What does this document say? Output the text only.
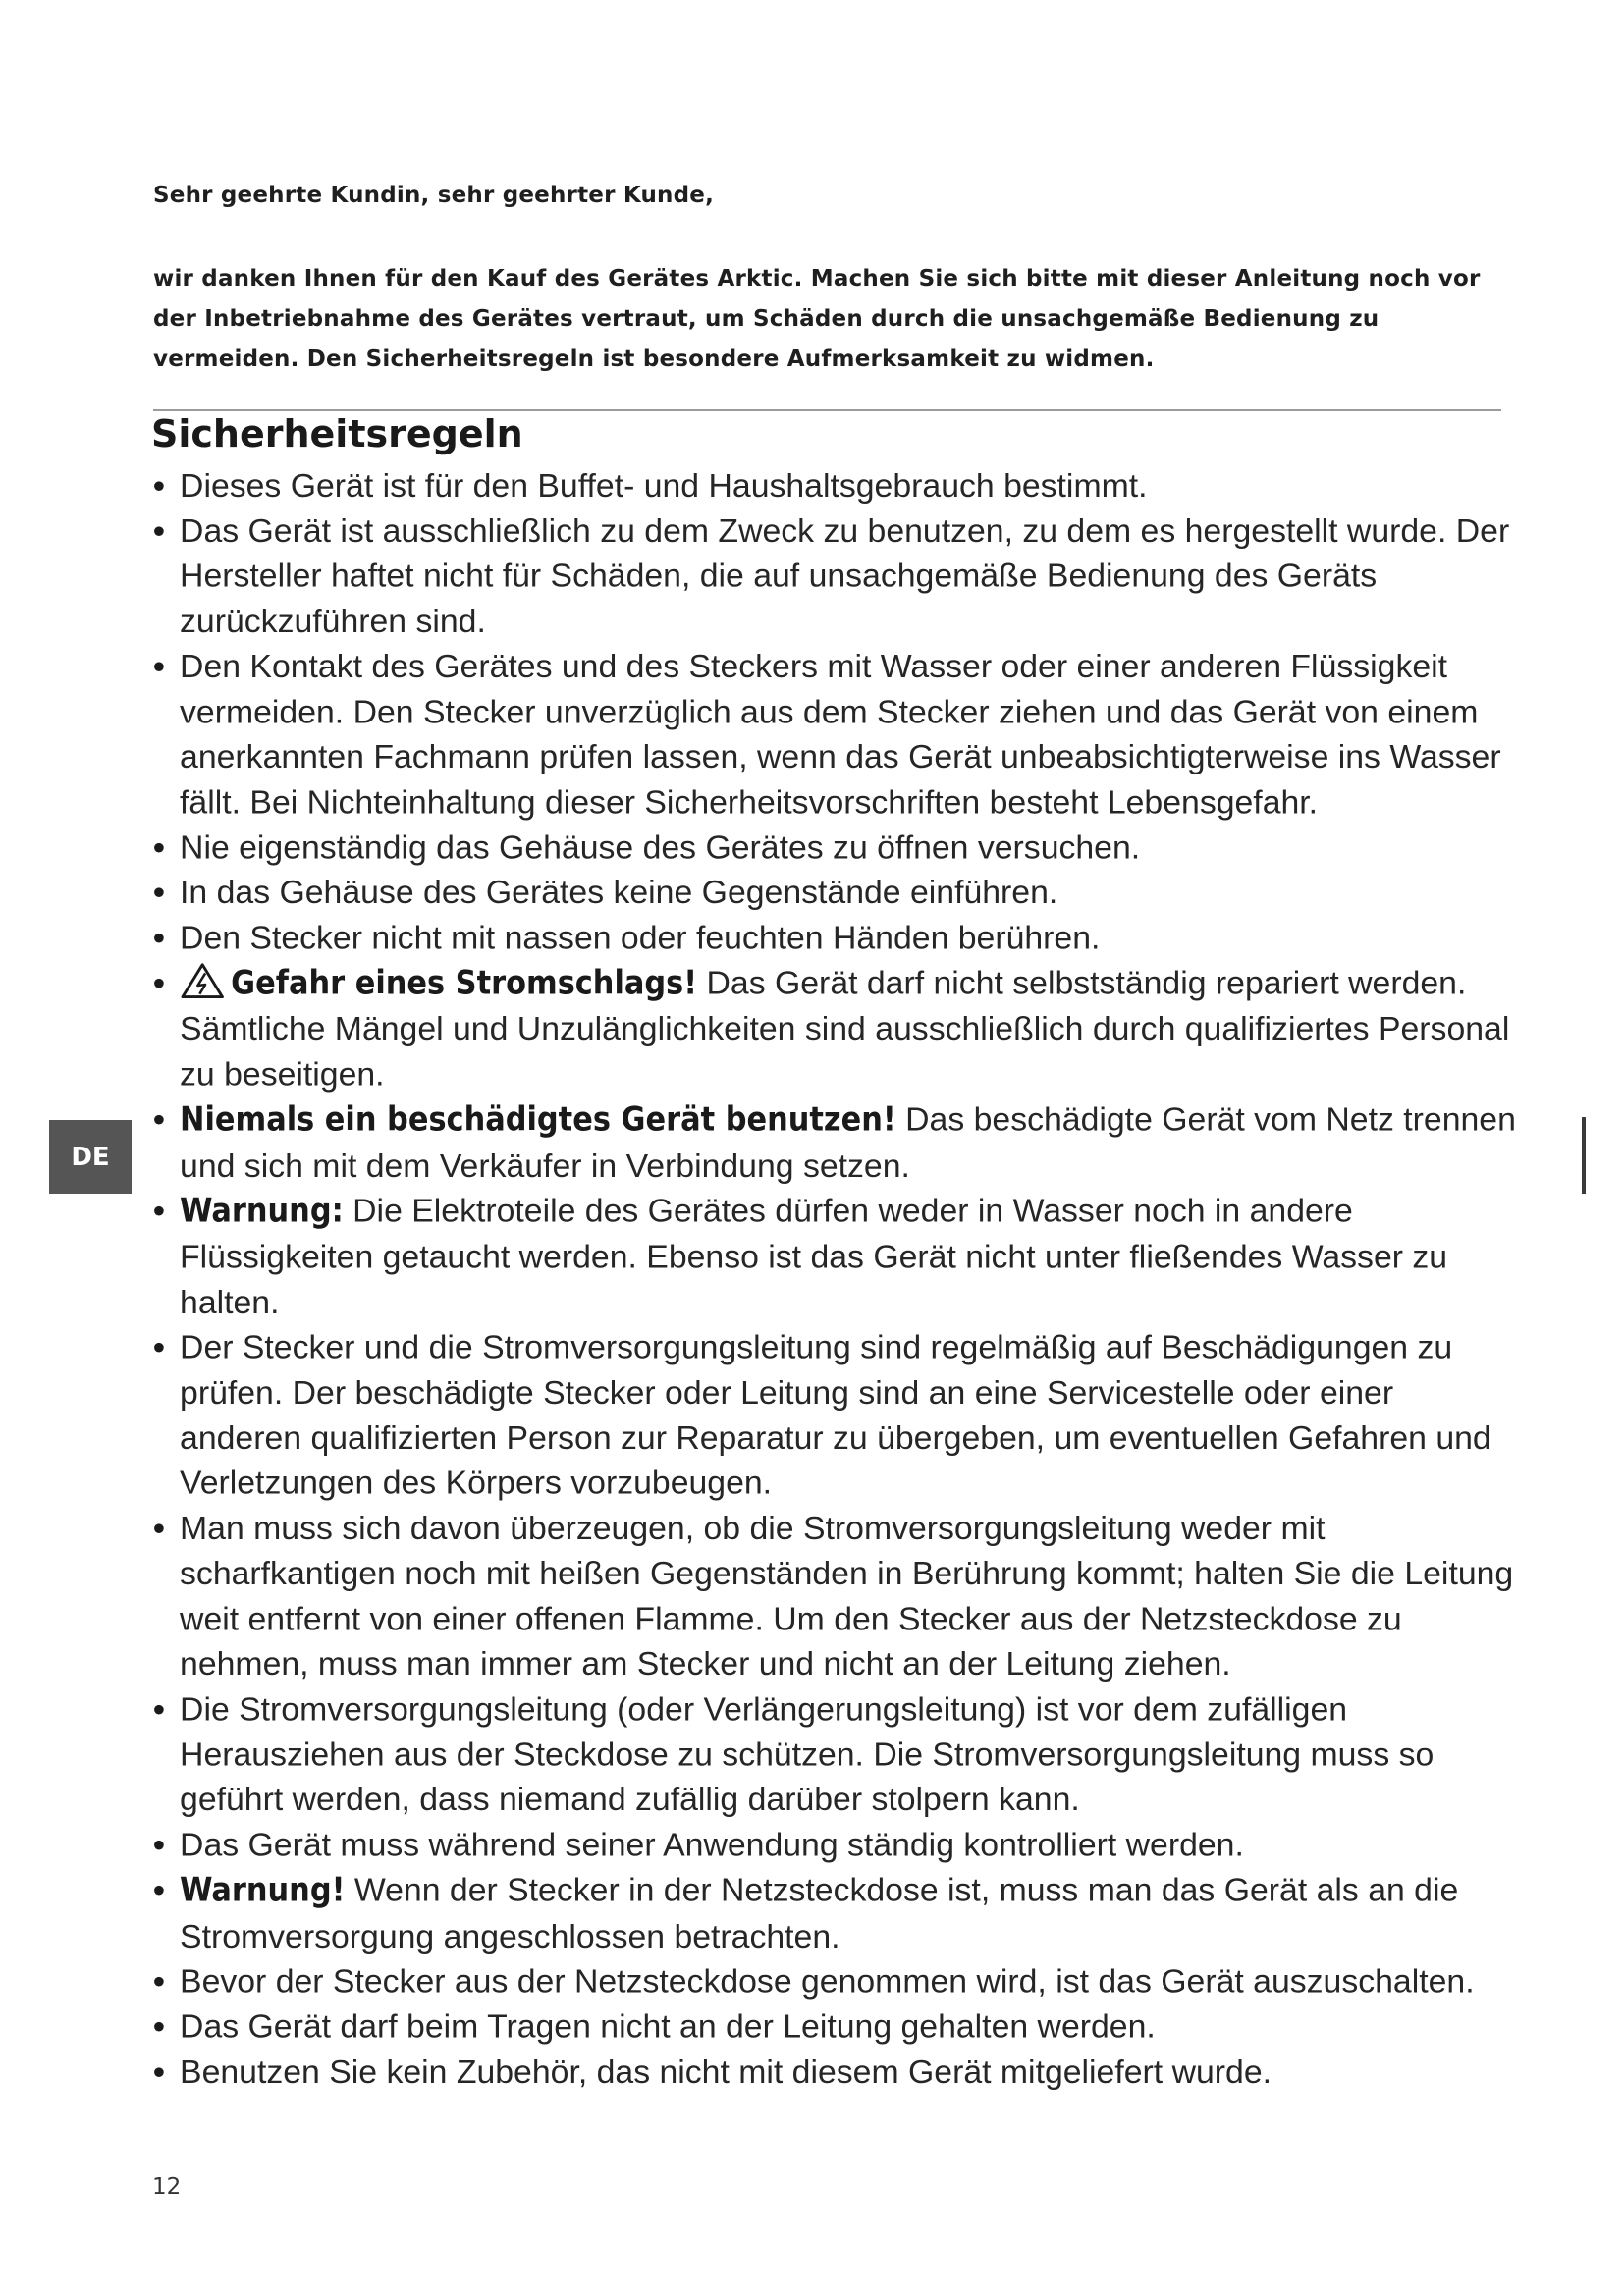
Sehr geehrte Kundin, sehr geehrter Kunde,

wir danken Ihnen für den Kauf des Gerätes Arktic. Machen Sie sich bitte mit dieser Anleitung noch vor der Inbetriebnahme des Gerätes vertraut, um Schäden durch die unsachgemäße Bedienung zu vermeiden. Den Sicherheitsregeln ist besondere Aufmerksamkeit zu widmen.

Sicherheitsregeln
• Dieses Gerät ist für den Buffet- und Haushaltsgebrauch bestimmt.
• Das Gerät ist ausschließlich zu dem Zweck zu benutzen, zu dem es hergestellt wurde. Der Hersteller haftet nicht für Schäden, die auf unsachgemäße Bedienung des Geräts zurückzuführen sind.
• Den Kontakt des Gerätes und des Steckers mit Wasser oder einer anderen Flüssigkeit vermeiden. Den Stecker unverzüglich aus dem Stecker ziehen und das Gerät von einem anerkannten Fachmann prüfen lassen, wenn das Gerät unbeabsichtigterweise ins Wasser fällt. Bei Nichteinhaltung dieser Sicherheitsvorschriften besteht Lebensgefahr.
• Nie eigenständig das Gehäuse des Gerätes zu öffnen versuchen.
• In das Gehäuse des Gerätes keine Gegenstände einführen.
• Den Stecker nicht mit nassen oder feuchten Händen berühren.
• Gefahr eines Stromschlags! Das Gerät darf nicht selbstständig repariert werden. Sämtliche Mängel und Unzulänglichkeiten sind ausschließlich durch qualifiziertes Personal zu beseitigen.
• Niemals ein beschädigtes Gerät benutzen! Das beschädigte Gerät vom Netz trennen und sich mit dem Verkäufer in Verbindung setzen.
• Warnung: Die Elektroteile des Gerätes dürfen weder in Wasser noch in andere Flüssigkeiten getaucht werden. Ebenso ist das Gerät nicht unter fließendes Wasser zu halten.
• Der Stecker und die Stromversorgungsleitung sind regelmäßig auf Beschädigungen zu prüfen. Der beschädigte Stecker oder Leitung sind an eine Servicestelle oder einer anderen qualifizierten Person zur Reparatur zu übergeben, um eventuellen Gefahren und Verletzungen des Körpers vorzubeugen.
• Man muss sich davon überzeugen, ob die Stromversorgungsleitung weder mit scharfkantigen noch mit heißen Gegenständen in Berührung kommt; halten Sie die Leitung weit entfernt von einer offenen Flamme. Um den Stecker aus der Netzsteckdose zu nehmen, muss man immer am Stecker und nicht an der Leitung ziehen.
• Die Stromversorgungsleitung (oder Verlängerungsleitung) ist vor dem zufälligen Herausziehen aus der Steckdose zu schützen. Die Stromversorgungsleitung muss so geführt werden, dass niemand zufällig darüber stolpern kann.
• Das Gerät muss während seiner Anwendung ständig kontrolliert werden.
• Warnung! Wenn der Stecker in der Netzsteckdose ist, muss man das Gerät als an die Stromversorgung angeschlossen betrachten.
• Bevor der Stecker aus der Netzsteckdose genommen wird, ist das Gerät auszuschalten.
• Das Gerät darf beim Tragen nicht an der Leitung gehalten werden.
• Benutzen Sie kein Zubehör, das nicht mit diesem Gerät mitgeliefert wurde.
DE
12
